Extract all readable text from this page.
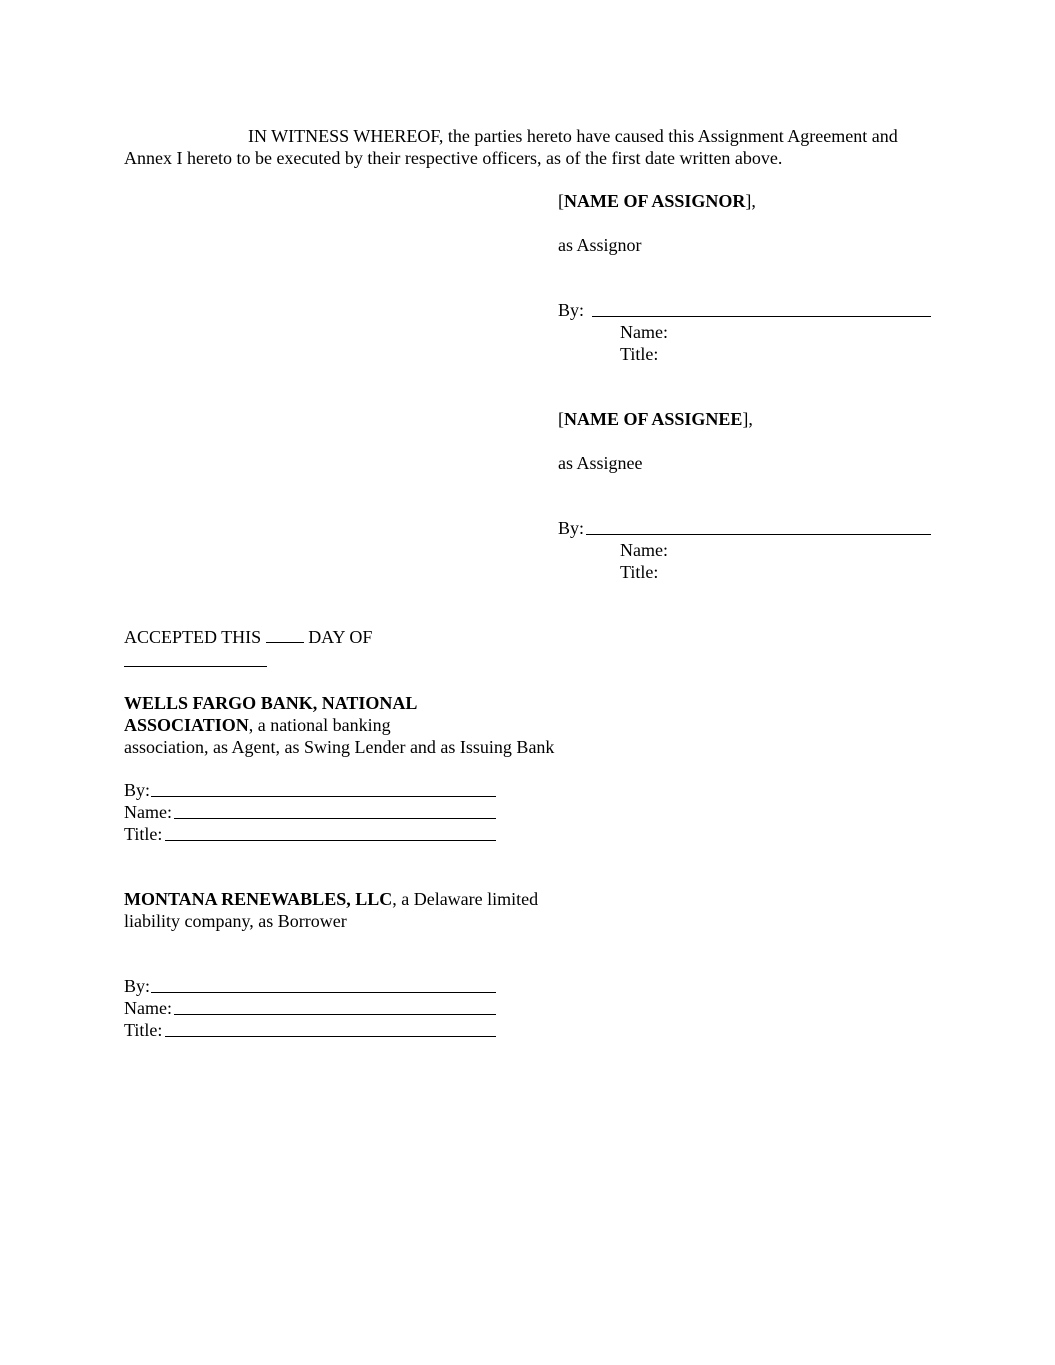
IN WITNESS WHEREOF, the parties hereto have caused this Assignment Agreement and
Annex I hereto to be executed by their respective officers, as of the first date written above.
[NAME OF ASSIGNOR],
as Assignor
By:
Name:
Title:
[NAME OF ASSIGNEE],
as Assignee
By:
Name:
Title:
ACCEPTED THIS	DAY OF
WELLS FARGO BANK, NATIONAL
ASSOCIATION, a national banking
association, as Agent, as Swing Lender and as Issuing Bank
By:
Name:
Title:
MONTANA RENEWABLES, LLC, a Delaware limited
liability company, as Borrower
By:
Name:
Title:
